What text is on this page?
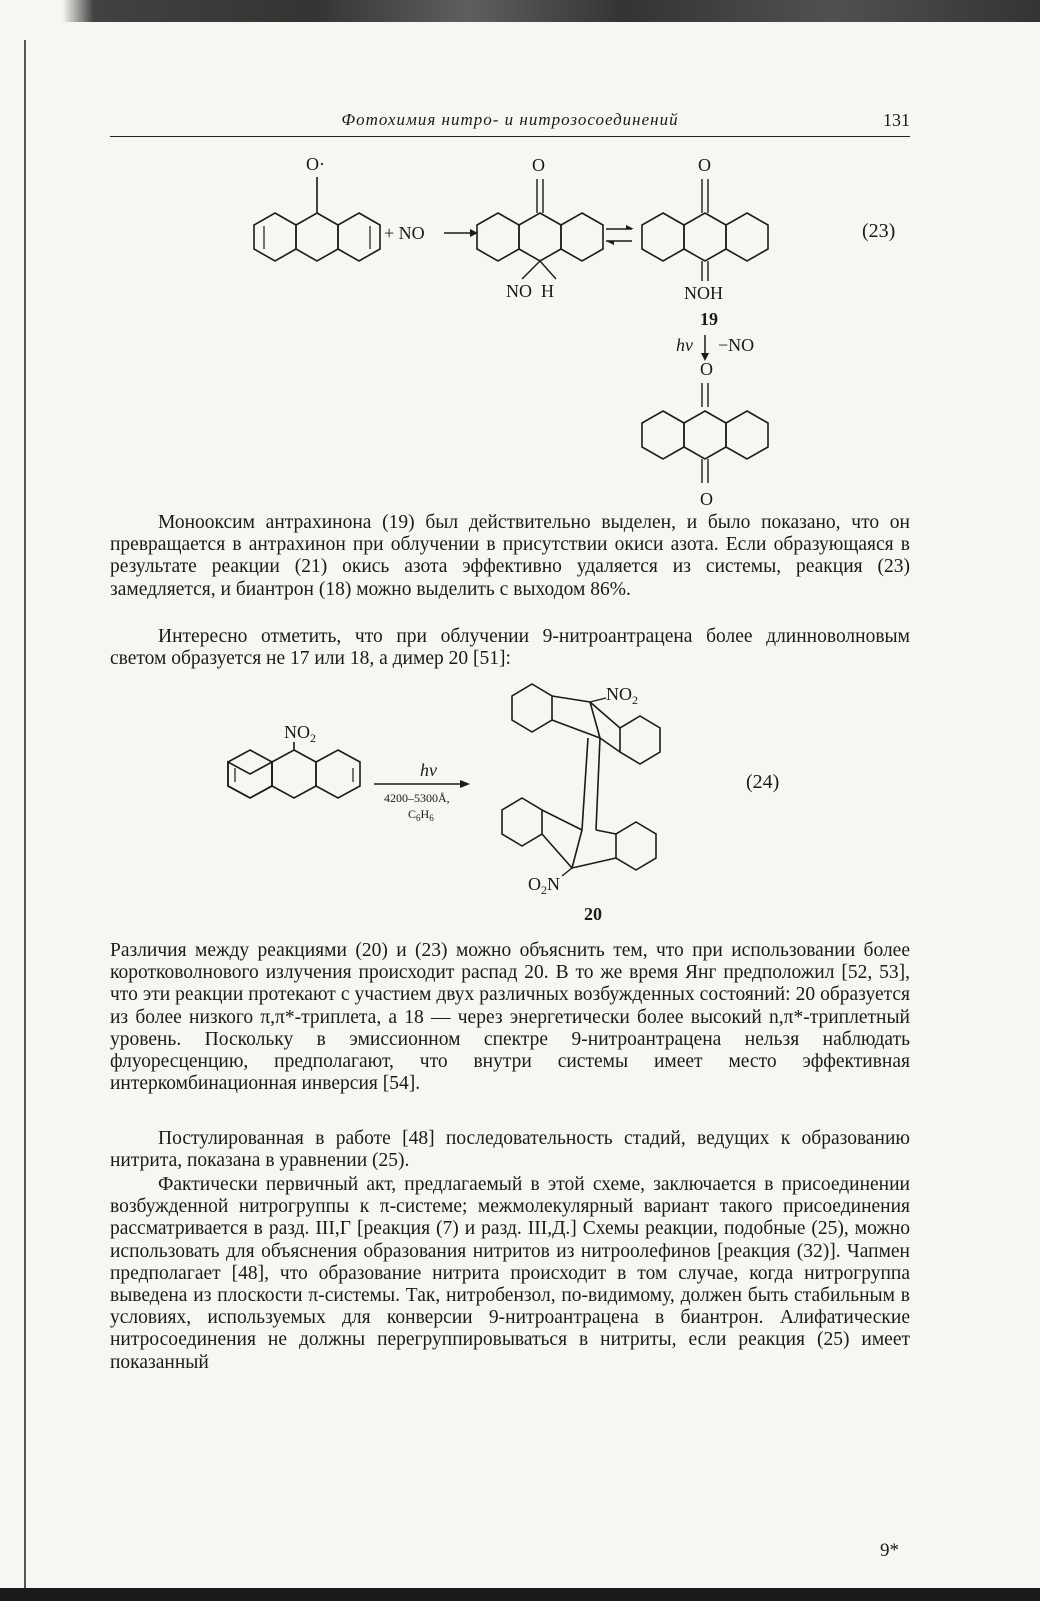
Фотохимия нитро- и нитрозосоединений	131
O·
+ NO
O
NO  H
O
NOH
19
(23)
hν −NO
O
O

Монооксим антрахинона (19) был действительно выделен, и было показано, что он превращается в антрахинон при облучении в присутствии окиси азота. Если образующаяся в результате реакции (21) окись азота эффективно удаляется из системы, реакция (23) замедляется, и биантрон (18) можно выделить с выходом 86%.

Интересно отметить, что при облучении 9-нитроантрацена более длинноволновым светом образуется не 17 или 18, а димер 20 [51]:

$NO_2$
hν
4200–5300Å,
$C_6H_6$
(24)
$NO_2$
$O_2N$
20

Различия между реакциями (20) и (23) можно объяснить тем, что при использовании более коротковолнового излучения происходит распад 20. В то же время Янг предположил [52, 53], что эти реакции протекают с участием двух различных возбужденных состояний: 20 образуется из более низкого π,π*-триплета, а 18 — через энергетически более высокий n,π*-триплетный уровень. Поскольку в эмиссионном спектре 9-нитроантрацена нельзя наблюдать флуоресценцию, предполагают, что внутри системы имеет место эффективная интеркомбинационная инверсия [54].

Постулированная в работе [48] последовательность стадий, ведущих к образованию нитрита, показана в уравнении (25).

Фактически первичный акт, предлагаемый в этой схеме, заключается в присоединении возбужденной нитрогруппы к π-системе; межмолекулярный вариант такого присоединения рассматривается в разд. III,Г [реакция (7) и разд. III,Д.] Схемы реакции, подобные (25), можно использовать для объяснения образования нитритов из нитроолефинов [реакция (32)]. Чапмен предполагает [48], что образование нитрита происходит в том случае, когда нитрогруппа выведена из плоскости π-системы. Так, нитробензол, по-видимому, должен быть стабильным в условиях, используемых для конверсии 9-нитроантрацена в биантрон. Алифатические нитросоединения не должны перегруппировываться в нитриты, если реакция (25) имеет показанный

9*
